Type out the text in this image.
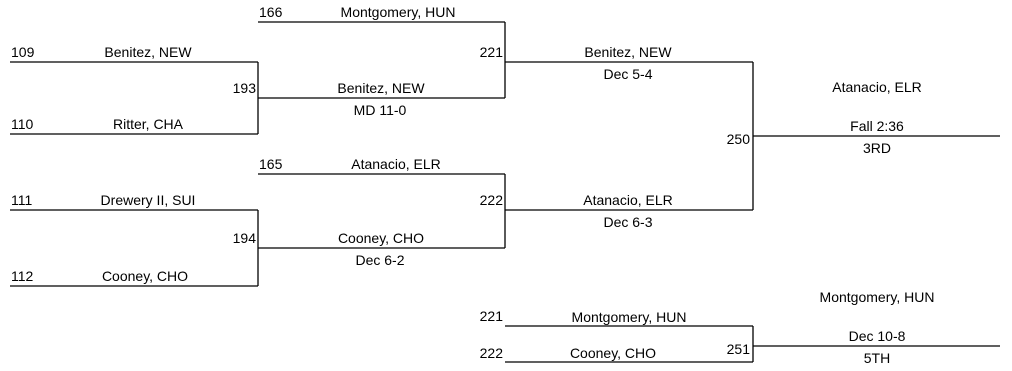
109	Benitez, NEW
110	Ritter, CHA
111	Drewery II, SUI
112	Cooney, CHO
166	Montgomery, HUN
193	Benitez, NEW
MD 11-0
165	Atanacio, ELR
194	Cooney, CHO
Dec 6-2
221	Benitez, NEW
Dec 5-4
222	Atanacio, ELR
Dec 6-3
Atanacio, ELR
250
Fall 2:36
3RD
221	Montgomery, HUN
222	Cooney, CHO
Montgomery, HUN
251
Dec 10-8
5TH
